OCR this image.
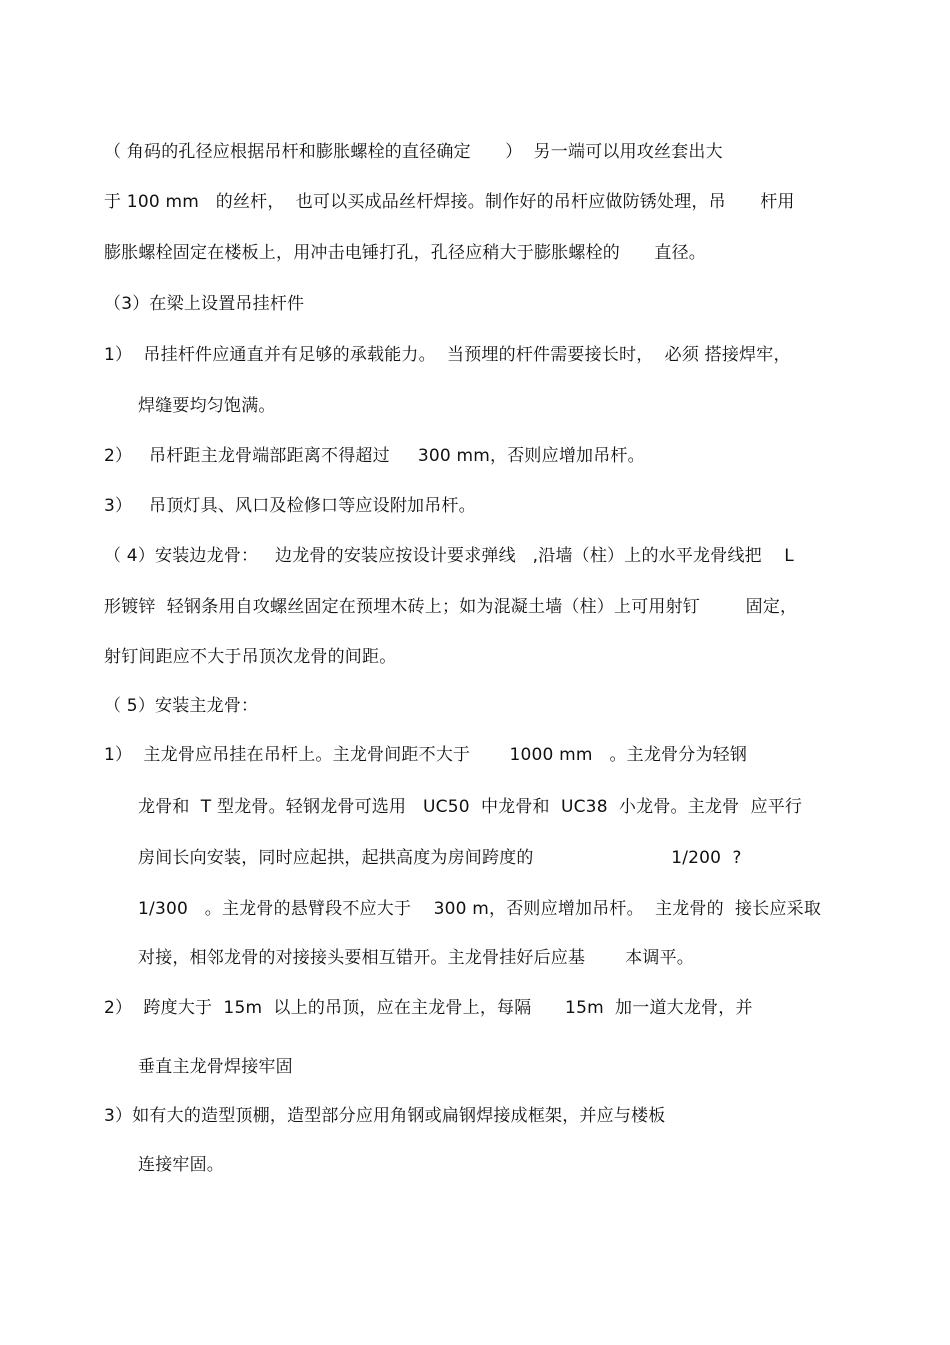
（ 角码的孔径应根据吊杆和膨胀螺栓的直径确定　　）  另一端可以用攻丝套出大
于 100 mm   的丝杆，  也可以买成品丝杆焊接。制作好的吊杆应做防锈处理，吊　　杆用
膨胀螺栓固定在楼板上，用冲击电锤打孔，孔径应稍大于膨胀螺栓的　　直径。
（3）在梁上设置吊挂杆件
1）  吊挂杆件应通直并有足够的承载能力。  当预埋的杆件需要接长时，  必须 搭接焊牢，
焊缝要均匀饱满。
2）   吊杆距主龙骨端部距离不得超过     300 mm，否则应增加吊杆。
3）   吊顶灯具、风口及检修口等应设附加吊杆。
（ 4）安装边龙骨：   边龙骨的安装应按设计要求弹线   ,沿墙（柱）上的水平龙骨线把    L
形镀锌  轻钢条用自攻螺丝固定在预埋木砖上；如为混凝土墙（柱）上可用射钉　　  固定，
射钉间距应不大于吊顶次龙骨的间距。
（ 5）安装主龙骨：
1）  主龙骨应吊挂在吊杆上。主龙骨间距不大于       1000 mm   。主龙骨分为轻钢
龙骨和  T 型龙骨。轻钢龙骨可选用   UC50  中龙骨和  UC38  小龙骨。主龙骨  应平行
房间长向安装，同时应起拱，起拱高度为房间跨度的　　　　　　　　1/200  ?
1/300   。主龙骨的悬臂段不应大于    300 m，否则应增加吊杆。  主龙骨的  接长应采取
对接，相邻龙骨的对接接头要相互错开。主龙骨挂好后应基　　 本调平。
2）  跨度大于  15m  以上的吊顶，应在主龙骨上，每隔      15m  加一道大龙骨，并
垂直主龙骨焊接牢固
3）如有大的造型顶棚，造型部分应用角钢或扁钢焊接成框架，并应与楼板
连接牢固。
